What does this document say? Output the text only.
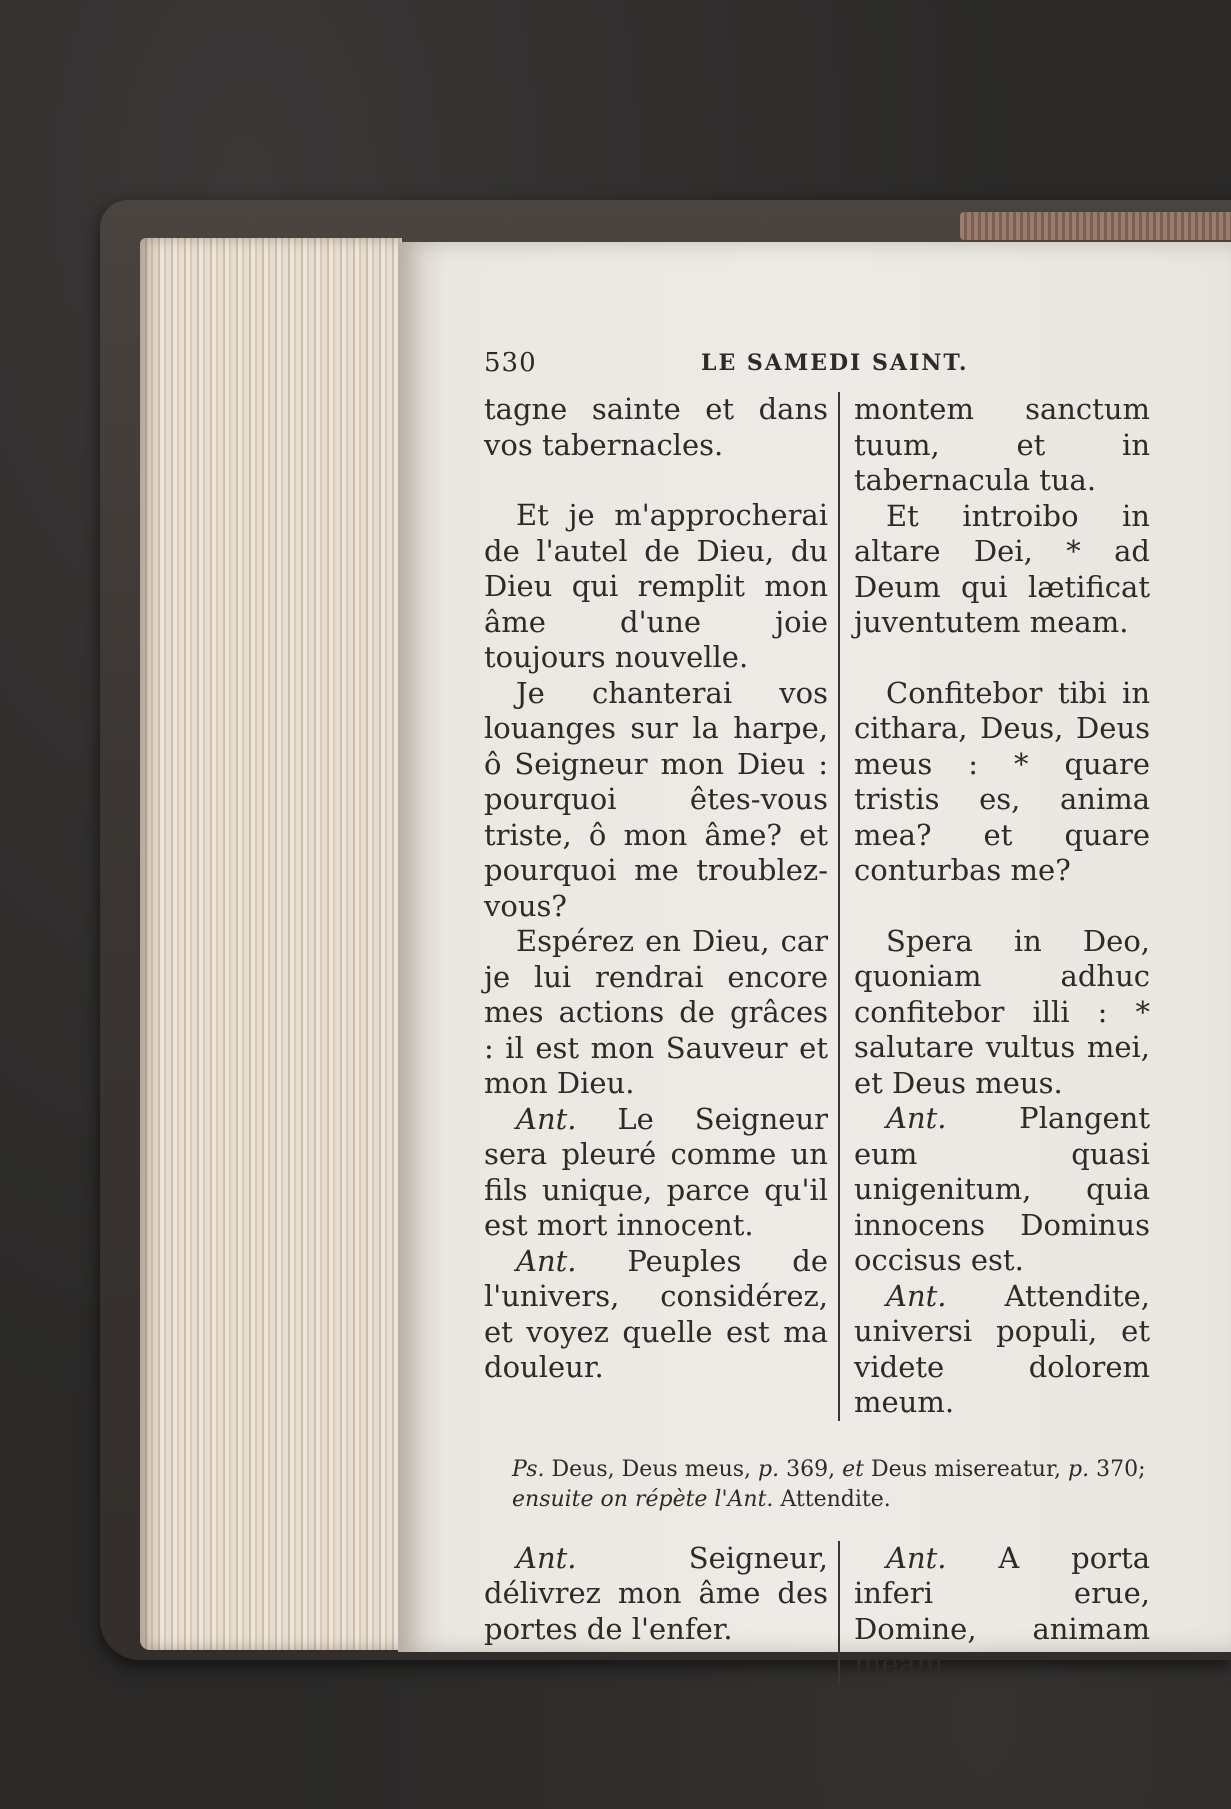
530	LE SAMEDI SAINT.

tagne sainte et dans vos tabernacles.

Et je m'approcherai de l'autel de Dieu, du Dieu qui remplit mon âme d'une joie toujours nouvelle.

Je chanterai vos louanges sur la harpe, ô Seigneur mon Dieu : pourquoi êtes-vous triste, ô mon âme? et pourquoi me troublez-vous?

Espérez en Dieu, car je lui rendrai encore mes actions de grâces : il est mon Sauveur et mon Dieu.

Ant. Le Seigneur sera pleuré comme un fils unique, parce qu'il est mort innocent.

Ant. Peuples de l'univers, considérez, et voyez quelle est ma douleur.

montem sanctum tuum, et in tabernacula tua.

Et introibo in altare Dei, * ad Deum qui lætificat juventutem meam.

Confitebor tibi in cithara, Deus, Deus meus : * quare tristis es, anima mea? et quare conturbas me?

Spera in Deo, quoniam adhuc confitebor illi : * salutare vultus mei, et Deus meus.

Ant. Plangent eum quasi unigenitum, quia innocens Dominus occisus est.

Ant. Attendite, universi populi, et videte dolorem meum.

Ps. Deus, Deus meus, p. 369, et Deus misereatur, p. 370;
ensuite on répète l'Ant. Attendite.

Ant. Seigneur, délivrez mon âme des portes de l'enfer.

Ant. A porta inferi erue, Domine, animam meam.
